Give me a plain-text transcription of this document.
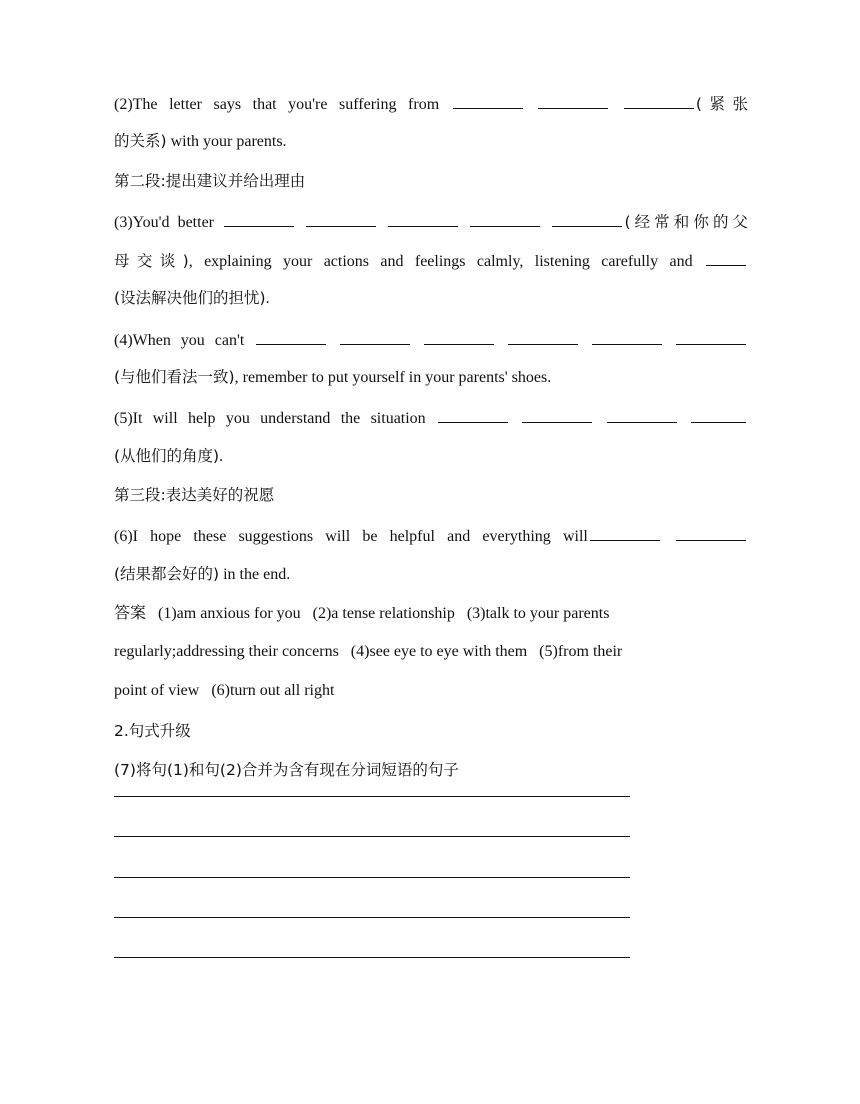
(2)The letter says that you're suffering from	(紧张
的关系) with your parents.
第二段:提出建议并给出理由
(3)You'd better	(经常和你的父
母交谈), explaining your actions and feelings calmly, listening carefully and
(设法解决他们的担忧).
(4)When you can't
(与他们看法一致), remember to put yourself in your parents' shoes.
(5)It will help you understand the situation
(从他们的角度).
第三段:表达美好的祝愿
(6)I hope these suggestions will be helpful and everything will
(结果都会好的) in the end.
答案 (1)am anxious for you   (2)a tense relationship   (3)talk to your parents
regularly;addressing their concerns   (4)see eye to eye with them   (5)from their
point of view   (6)turn out all right
2.句式升级
(7)将句(1)和句(2)合并为含有现在分词短语的句子
